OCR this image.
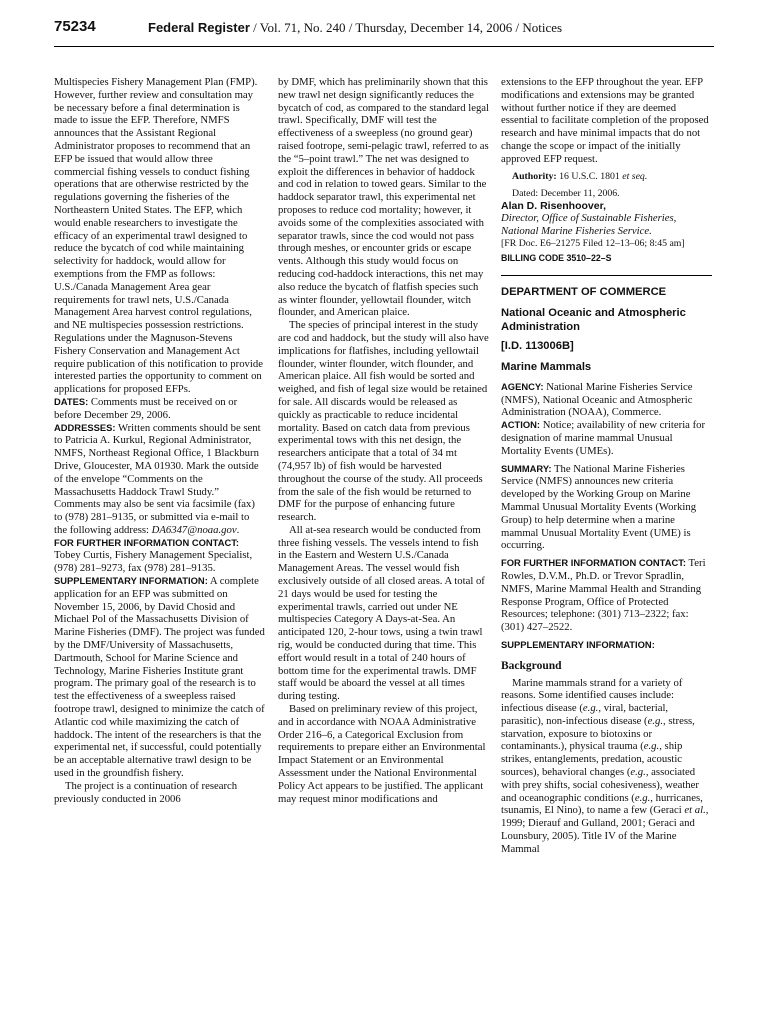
75234	Federal Register / Vol. 71, No. 240 / Thursday, December 14, 2006 / Notices

Multispecies Fishery Management Plan (FMP). However, further review and consultation may be necessary before a final determination is made to issue the EFP. Therefore, NMFS announces that the Assistant Regional Administrator proposes to recommend that an EFP be issued that would allow three commercial fishing vessels to conduct fishing operations that are otherwise restricted by the regulations governing the fisheries of the Northeastern United States. The EFP, which would enable researchers to investigate the efficacy of an experimental trawl designed to reduce the bycatch of cod while maintaining selectivity for haddock, would allow for exemptions from the FMP as follows: U.S./Canada Management Area gear requirements for trawl nets, U.S./Canada Management Area harvest control regulations, and NE multispecies possession restrictions. Regulations under the Magnuson-Stevens Fishery Conservation and Management Act require publication of this notification to provide interested parties the opportunity to comment on applications for proposed EFPs.

DATES: Comments must be received on or before December 29, 2006.

ADDRESSES: Written comments should be sent to Patricia A. Kurkul, Regional Administrator, NMFS, Northeast Regional Office, 1 Blackburn Drive, Gloucester, MA 01930. Mark the outside of the envelope “Comments on the Massachusetts Haddock Trawl Study.” Comments may also be sent via facsimile (fax) to (978) 281–9135, or submitted via e-mail to the following address: DA6347@noaa.gov.

FOR FURTHER INFORMATION CONTACT:

Tobey Curtis, Fishery Management Specialist, (978) 281–9273, fax (978) 281–9135.

SUPPLEMENTARY INFORMATION: A complete application for an EFP was submitted on November 15, 2006, by David Chosid and Michael Pol of the Massachusetts Division of Marine Fisheries (DMF). The project was funded by the DMF/University of Massachusetts, Dartmouth, School for Marine Science and Technology, Marine Fisheries Institute grant program. The primary goal of the research is to test the effectiveness of a sweepless raised footrope trawl, designed to minimize the catch of Atlantic cod while maximizing the catch of haddock. The intent of the researchers is that the experimental net, if successful, could potentially be an acceptable alternative trawl design to be used in the groundfish fishery.

The project is a continuation of research previously conducted in 2006

by DMF, which has preliminarily shown that this new trawl net design significantly reduces the bycatch of cod, as compared to the standard legal trawl. Specifically, DMF will test the effectiveness of a sweepless (no ground gear) raised footrope, semi-pelagic trawl, referred to as the “5–point trawl.” The net was designed to exploit the differences in behavior of haddock and cod in relation to towed gears. Similar to the haddock separator trawl, this experimental net proposes to reduce cod mortality; however, it avoids some of the complexities associated with separator trawls, since the cod would not pass through meshes, or encounter grids or escape vents. Although this study would focus on reducing cod-haddock interactions, this net may also reduce the bycatch of flatfish species such as winter flounder, yellowtail flounder, witch flounder, and American plaice.

The species of principal interest in the study are cod and haddock, but the study will also have implications for flatfishes, including yellowtail flounder, winter flounder, witch flounder, and American plaice. All fish would be sorted and weighed, and fish of legal size would be retained for sale. All discards would be released as quickly as practicable to reduce incidental mortality. Based on catch data from previous experimental tows with this net design, the researchers anticipate that a total of 34 mt (74,957 lb) of fish would be harvested throughout the course of the study. All proceeds from the sale of the fish would be returned to DMF for the purpose of enhancing future research.

All at-sea research would be conducted from three fishing vessels. The vessels intend to fish in the Eastern and Western U.S./Canada Management Areas. The vessel would fish exclusively outside of all closed areas. A total of 21 days would be used for testing the experimental trawls, carried out under NE multispecies Category A Days-at-Sea. An anticipated 120, 2-hour tows, using a twin trawl rig, would be conducted during that time. This effort would result in a total of 240 hours of bottom time for the experimental trawls. DMF staff would be aboard the vessel at all times during testing.

Based on preliminary review of this project, and in accordance with NOAA Administrative Order 216–6, a Categorical Exclusion from requirements to prepare either an Environmental Impact Statement or an Environmental Assessment under the National Environmental Policy Act appears to be justified. The applicant may request minor modifications and

extensions to the EFP throughout the year. EFP modifications and extensions may be granted without further notice if they are deemed essential to facilitate completion of the proposed research and have minimal impacts that do not change the scope or impact of the initially approved EFP request.

Authority: 16 U.S.C. 1801 et seq.

Dated: December 11, 2006.

Alan D. Risenhoover,

Director, Office of Sustainable Fisheries, National Marine Fisheries Service.

[FR Doc. E6–21275 Filed 12–13–06; 8:45 am]

BILLING CODE 3510–22–S

DEPARTMENT OF COMMERCE

National Oceanic and Atmospheric Administration

[I.D. 113006B]

Marine Mammals

AGENCY: National Marine Fisheries Service (NMFS), National Oceanic and Atmospheric Administration (NOAA), Commerce.

ACTION: Notice; availability of new criteria for designation of marine mammal Unusual Mortality Events (UMEs).

SUMMARY: The National Marine Fisheries Service (NMFS) announces new criteria developed by the Working Group on Marine Mammal Unusual Mortality Events (Working Group) to help determine when a marine mammal Unusual Mortality Event (UME) is occurring.

FOR FURTHER INFORMATION CONTACT: Teri Rowles, D.V.M., Ph.D. or Trevor Spradlin, NMFS, Marine Mammal Health and Stranding Response Program, Office of Protected Resources; telephone: (301) 713–2322; fax: (301) 427–2522.

SUPPLEMENTARY INFORMATION:

Background

Marine mammals strand for a variety of reasons. Some identified causes include: infectious disease (e.g., viral, bacterial, parasitic), non-infectious disease (e.g., stress, starvation, exposure to biotoxins or contaminants.), physical trauma (e.g., ship strikes, entanglements, predation, acoustic sources), behavioral changes (e.g., associated with prey shifts, social cohesiveness), weather and oceanographic conditions (e.g., hurricanes, tsunamis, El Nino), to name a few (Geraci et al., 1999; Dierauf and Gulland, 2001; Geraci and Lounsbury, 2005). Title IV of the Marine Mammal
